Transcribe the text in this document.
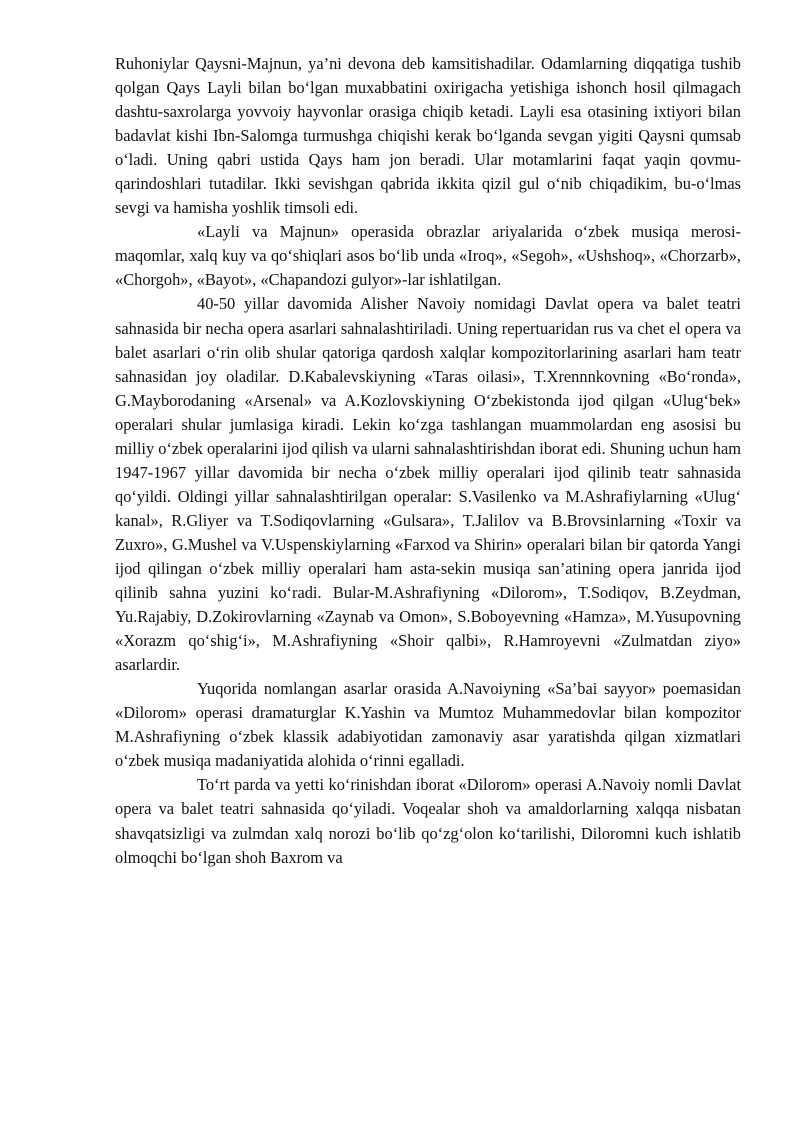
Ruhoniylar Qaysni-Majnun, ya’ni devona deb kamsitishadilar. Odamlarning diqqatiga tushib qolgan Qays Layli bilan bo‘lgan muxabbatini oxirigacha yetishiga ishonch hosil qilmagach dashtu-saxrolarga yovvoiy hayvonlar orasiga chiqib ketadi. Layli esa otasining ixtiyori bilan badavlat kishi Ibn-Salomga turmushga chiqishi kerak bo‘lganda sevgan yigiti Qaysni qumsab o‘ladi. Uning qabri ustida Qays ham jon beradi. Ular motamlarini faqat yaqin qovmu-qarindoshlari tutadilar. Ikki sevishgan qabrida ikkita qizil gul o‘nib chiqadikim, bu-o‘lmas sevgi va hamisha yoshlik timsoli edi.

«Layli va Majnun» operasida obrazlar ariyalarida o‘zbek musiqa merosi-maqomlar, xalq kuy va qo‘shiqlari asos bo‘lib unda «Iroq», «Segoh», «Ushshoq», «Chorzarb», «Chorgoh», «Bayot», «Chapandozi gulyor»-lar ishlatilgan.

40-50 yillar davomida Alisher Navoiy nomidagi Davlat opera va balet teatri sahnasida bir necha opera asarlari sahnalashtiriladi. Uning repertuaridan rus va chet el opera va balet asarlari o‘rin olib shular qatoriga qardosh xalqlar kompozitorlarining asarlari ham teatr sahnasidan joy oladilar. D.Kabalevskiyning «Taras oilasi», T.Xrennnkovning «Bo‘ronda», G.Mayborodaning «Arsenal» va A.Kozlovskiyning O‘zbekistonda ijod qilgan «Ulug‘bek» operalari shular jumlasiga kiradi. Lekin ko‘zga tashlangan muammolardan eng asosisi bu milliy o‘zbek operalarini ijod qilish va ularni sahnalashtirishdan iborat edi. Shuning uchun ham 1947-1967 yillar davomida bir necha o‘zbek milliy operalari ijod qilinib teatr sahnasida qo‘yildi. Oldingi yillar sahnalashtirilgan operalar: S.Vasilenko va M.Ashrafiylarning «Ulug‘ kanal», R.Gliyer va T.Sodiqovlarning «Gulsara», T.Jalilov va B.Brovsinlarning «Toxir va Zuxro», G.Mushel va V.Uspenskiylarning «Farxod va Shirin» operalari bilan bir qatorda Yangi ijod qilingan o‘zbek milliy operalari ham asta-sekin musiqa san’atining opera janrida ijod qilinib sahna yuzini ko‘radi. Bular-M.Ashrafiyning «Dilorom», T.Sodiqov, B.Zeydman, Yu.Rajabiy, D.Zokirovlarning «Zaynab va Omon», S.Boboyevning «Hamza», M.Yusupovning «Xorazm qo‘shig‘i», M.Ashrafiyning «Shoir qalbi», R.Hamroyevni «Zulmatdan ziyo» asarlardir.

Yuqorida nomlangan asarlar orasida A.Navoiyning «Sa’bai sayyor» poemasidan «Dilorom» operasi dramaturglar K.Yashin va Mumtoz Muhammedovlar bilan kompozitor M.Ashrafiyning o‘zbek klassik adabiyotidan zamonaviy asar yaratishda qilgan xizmatlari o‘zbek musiqa madaniyatida alohida o‘rinni egalladi.

To‘rt parda va yetti ko‘rinishdan iborat «Dilorom» operasi A.Navoiy nomli Davlat opera va balet teatri sahnasida qo‘yiladi. Voqealar shoh va amaldorlarning xalqqa nisbatan shavqatsizligi va zulmdan xalq norozi bo‘lib qo‘zg‘olon ko‘tarilishi, Diloromni kuch ishlatib olmoqchi bo‘lgan shoh Baxrom va
